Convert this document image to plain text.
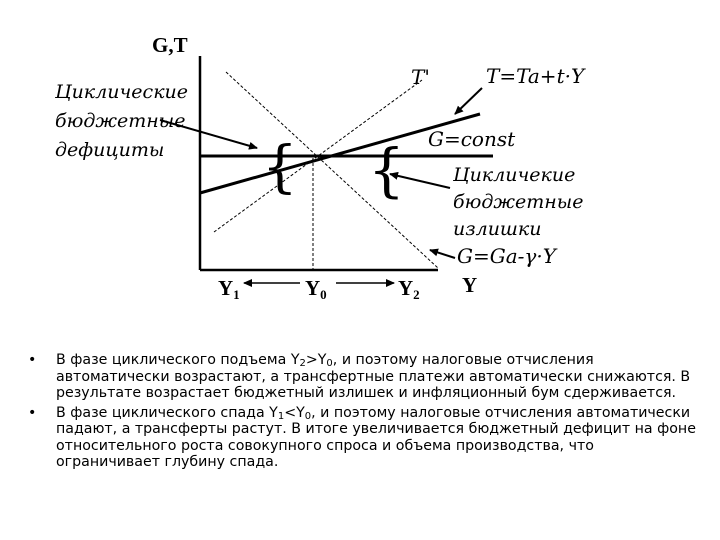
G,T
Y
{ {
T'	T=Ta+t·Y
G=const
G=Ga-γ·Y
Циклические бюджетные дефициты
Цикличекие бюджетные излишки
Y1	Y0	Y2
• В фазе циклического подъема $Y_2>Y_0$, и поэтому налоговые отчисления автоматически возрастают, а трансфертные платежи автоматически снижаются. В результате возрастает бюджетный излишек и инфляционный бум сдерживается.
• В фазе циклического спада $Y_1<Y_0$, и поэтому налоговые отчисления автоматически падают, а трансферты растут. В итоге увеличивается бюджетный дефицит на фоне относительного роста совокупного спроса и объема производства, что ограничивает глубину спада.
